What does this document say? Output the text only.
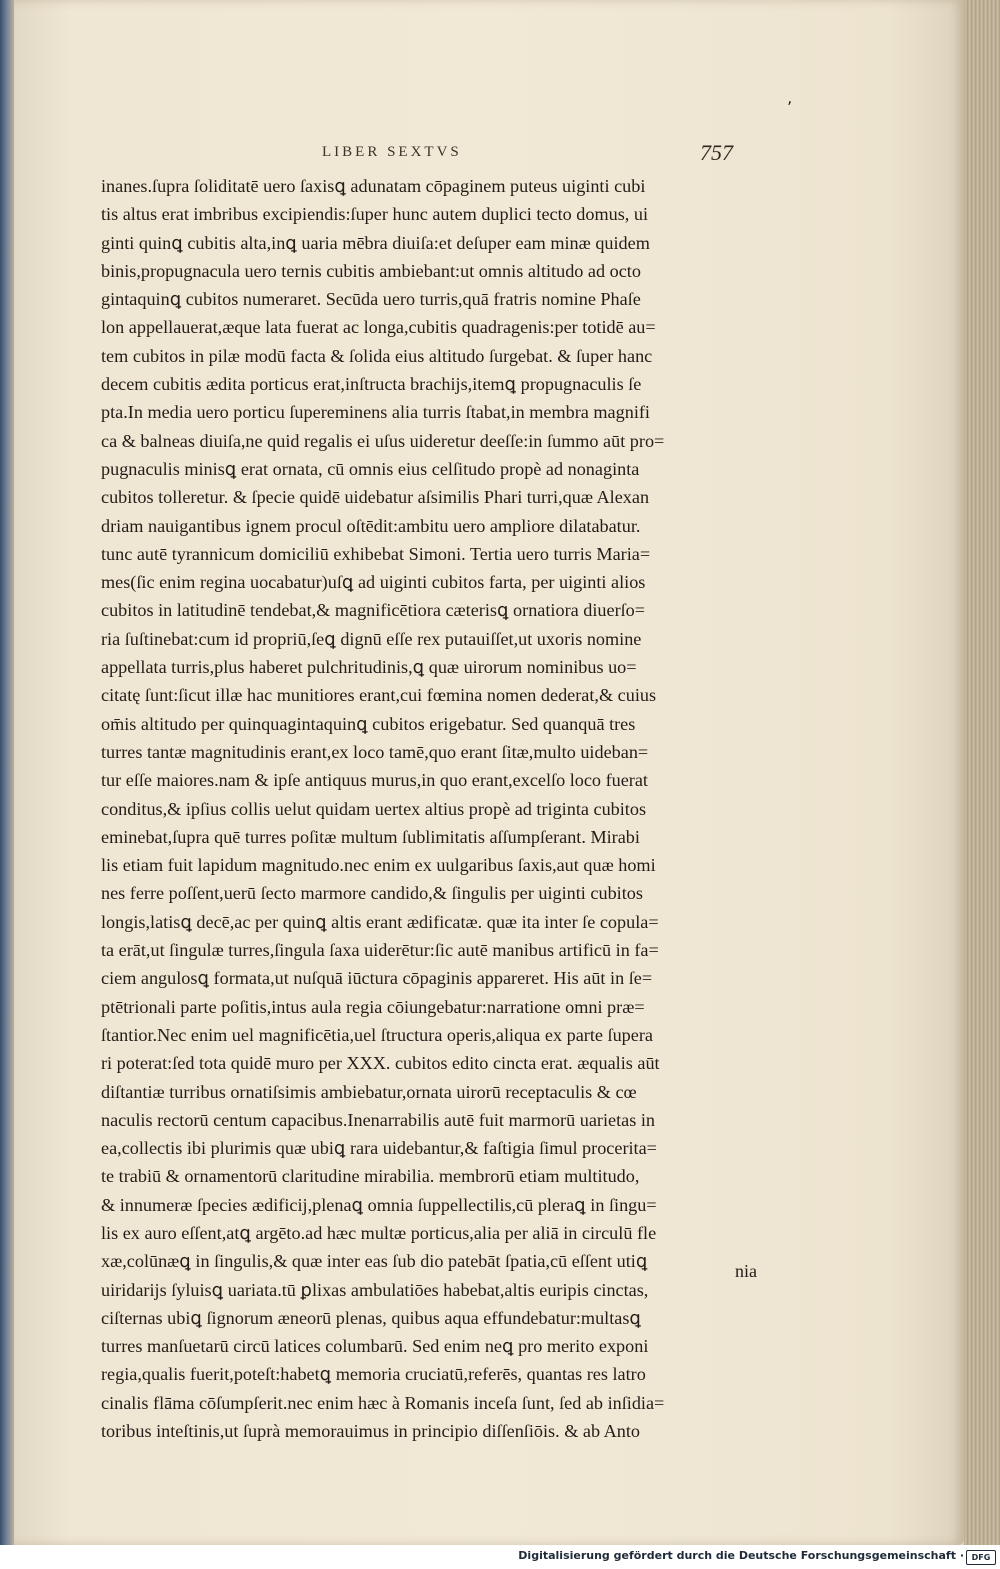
ʼ
LIBER SEXTVS	757
inanes.ſupra ſoliditatē uero ſaxisꝗ adunatam cōpaginem puteus uiginti cubi
tis altus erat imbribus excipiendis:ſuper hunc autem duplici tecto domus, ui
ginti quinꝗ cubitis alta,inꝗ uaria mēbra diuiſa:et deſuper eam minæ quidem
binis,propugnacula uero ternis cubitis ambiebant:ut omnis altitudo ad octo
gintaquinꝗ cubitos numeraret. Secūda uero turris,quā fratris nomine Phaſe
lon appellauerat,æque lata fuerat ac longa,cubitis quadragenis:per totidē au=
tem cubitos in pilæ modū facta & ſolida eius altitudo ſurgebat. & ſuper hanc
decem cubitis ædita porticus erat,inſtructa brachijs,itemꝗ propugnaculis ſe
pta.In media uero porticu ſupereminens alia turris ſtabat,in membra magnifi
ca & balneas diuiſa,ne quid regalis ei uſus uideretur deeſſe:in ſummo aūt pro=
pugnaculis minisꝗ erat ornata, cū omnis eius celſitudo propè ad nonaginta
cubitos tolleretur. & ſpecie quidē uidebatur aſsimilis Phari turri,quæ Alexan
driam nauigantibus ignem procul oſtēdit:ambitu uero ampliore dilatabatur.
tunc autē tyrannicum domiciliū exhibebat Simoni. Tertia uero turris Maria=
mes(ſic enim regina uocabatur)uſꝗ ad uiginti cubitos farta, per uiginti alios
cubitos in latitudinē tendebat,& magnificētiora cæterisꝗ ornatiora diuerſo=
ria ſuſtinebat:cum id propriū,ſeꝗ dignū eſſe rex putauiſſet,ut uxoris nomine
appellata turris,plus haberet pulchritudinis,ꝗ quæ uirorum nominibus uo=
citatę ſunt:ſicut illæ hac munitiores erant,cui fœmina nomen dederat,& cuius
om̄is altitudo per quinquagintaquinꝗ cubitos erigebatur. Sed quanquā tres
turres tantæ magnitudinis erant,ex loco tamē,quo erant ſitæ,multo uideban=
tur eſſe maiores.nam & ipſe antiquus murus,in quo erant,excelſo loco fuerat
conditus,& ipſius collis uelut quidam uertex altius propè ad triginta cubitos
eminebat,ſupra quē turres poſitæ multum ſublimitatis aſſumpſerant. Mirabi
lis etiam fuit lapidum magnitudo.nec enim ex uulgaribus ſaxis,aut quæ homi
nes ferre poſſent,uerū ſecto marmore candido,& ſingulis per uiginti cubitos
longis,latisꝗ decē,ac per quinꝗ altis erant ædificatæ. quæ ita inter ſe copula=
ta erāt,ut ſingulæ turres,ſingula ſaxa uiderētur:ſic autē manibus artificū in fa=
ciem angulosꝗ formata,ut nuſquā iūctura cōpaginis appareret. His aūt in ſe=
ptētrionali parte poſitis,intus aula regia cōiungebatur:narratione omni præ=
ſtantior.Nec enim uel magnificētia,uel ſtructura operis,aliqua ex parte ſupera
ri poterat:ſed tota quidē muro per XXX. cubitos edito cincta erat. æqualis aūt
diſtantiæ turribus ornatiſsimis ambiebatur,ornata uirorū receptaculis & cœ
naculis rectorū centum capacibus.Inenarrabilis autē fuit marmorū uarietas in
ea,collectis ibi plurimis quæ ubiꝗ rara uidebantur,& faſtigia ſimul procerita=
te trabiū & ornamentorū claritudine mirabilia. membrorū etiam multitudo,
& innumeræ ſpecies ædificij,plenaꝗ omnia ſuppellectilis,cū pleraꝗ in ſingu=
lis ex auro eſſent,atꝗ argēto.ad hæc multæ porticus,alia per aliā in circulū fle
xæ,colūnæꝗ in ſingulis,& quæ inter eas ſub dio patebāt ſpatia,cū eſſent utiꝗ
uiridarijs ſyluisꝗ uariata.tū ꝑlixas ambulatiōes habebat,altis euripis cinctas,
ciſternas ubiꝗ ſignorum æneorū plenas, quibus aqua effundebatur:multasꝗ
turres manſuetarū circū latices columbarū. Sed enim neꝗ pro merito exponi
regia,qualis fuerit,poteſt:habetꝗ memoria cruciatū,referēs, quantas res latro
cinalis flāma cōſumpſerit.nec enim hæc à Romanis inceſa ſunt, ſed ab inſidia=
toribus inteſtinis,ut ſuprà memorauimus in principio diſſenſiōis. & ab Anto
nia
Digitalisierung gefördert durch die Deutsche Forschungsgemeinschaft · DFG
